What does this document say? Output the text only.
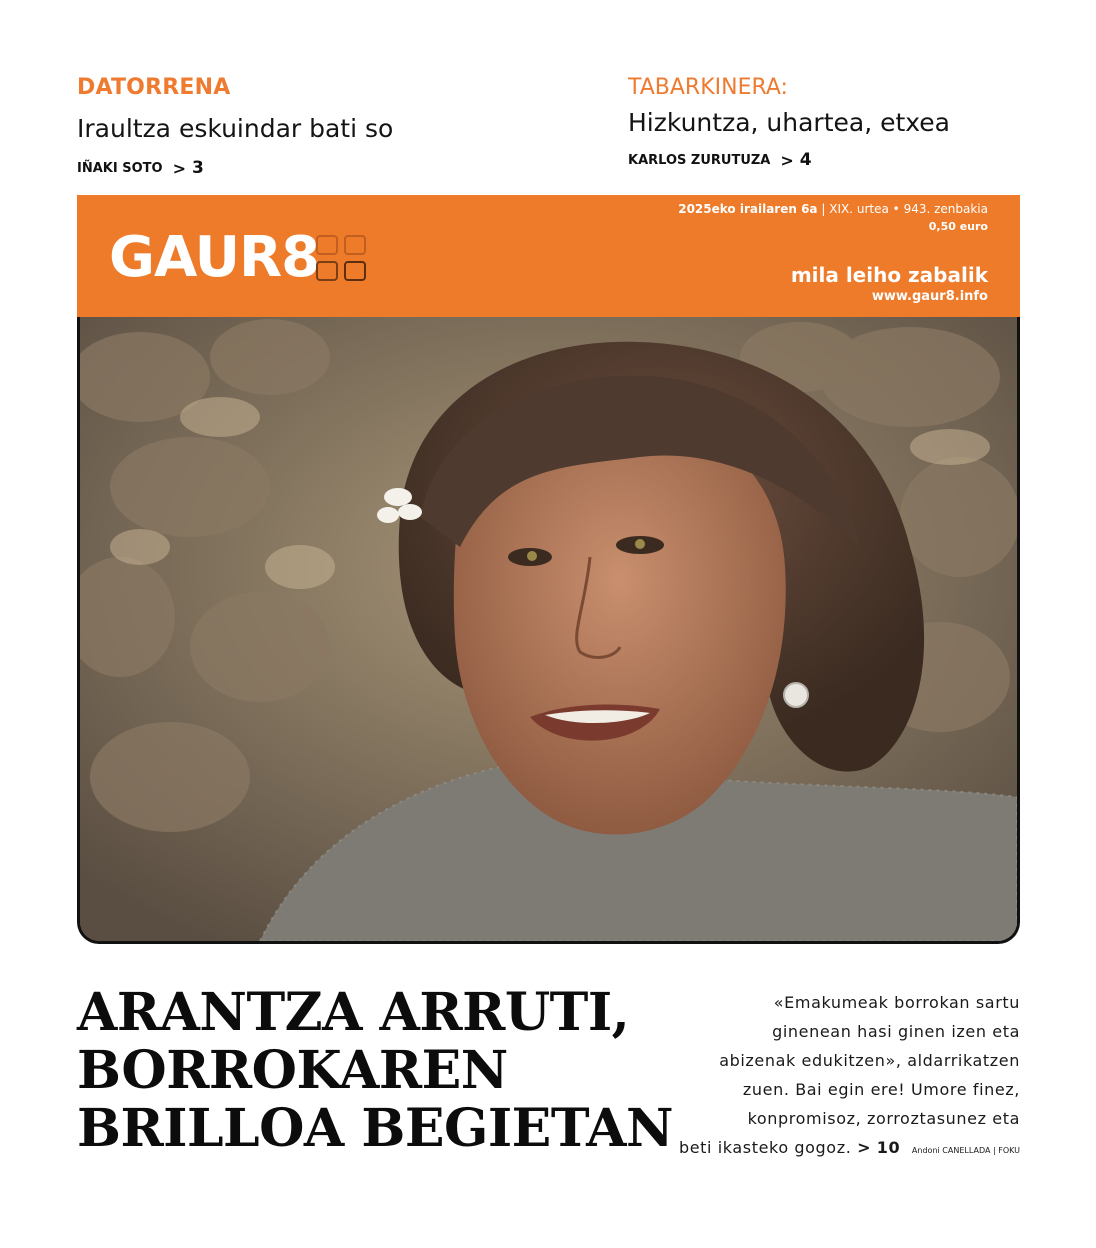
DATORRENA
Iraultza eskuindar bati so
IÑAKI SOTO > 3
TABARKINERA:
Hizkuntza, uhartea, etxea
KARLOS ZURUTUZA > 4
GAUR8
2025eko irailaren 6a | XIX. urtea • 943. zenbakia
0,50 euro
mila leiho zabalik
www.gaur8.info
ARANTZA ARRUTI,
BORROKAREN
BRILLOA BEGIETAN
«Emakumeak borrokan sartu
ginenean hasi ginen izen eta
abizenak edukitzen», aldarrikatzen
zuen. Bai egin ere! Umore finez,
konpromisoz, zorroztasunez eta
beti ikasteko gogoz. > 10 Andoni CANELLADA | FOKU
